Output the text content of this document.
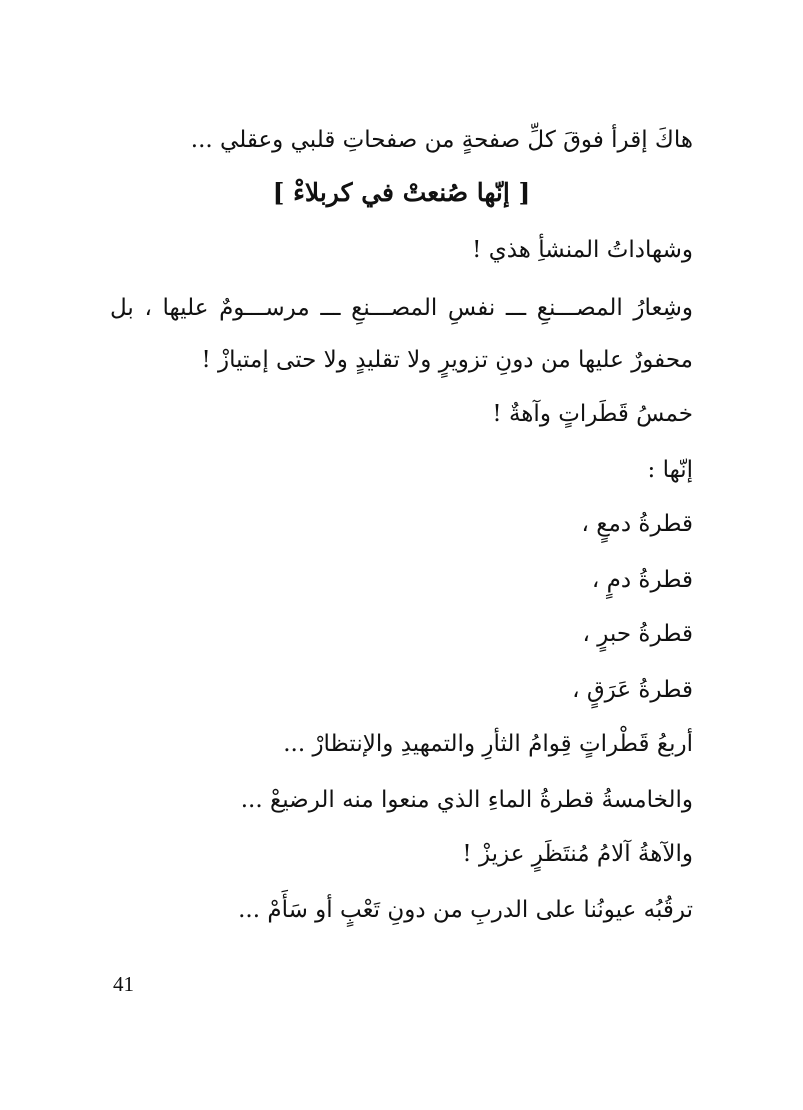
هاكَ إقرأ فوقَ كلِّ صفحةٍ من صفحاتِ قلبي وعقلي ...
[ إنّها صُنعتْ في كربلاءْ ]
وشهاداتُ المنشأِ هذي !
وشِعارُ المصـــنعِ ـــ نفسِ المصـــنعِ ـــ مرســـومٌ عليها ، بل
محفورٌ عليها من دونِ تزويرٍ ولا تقليدٍ ولا حتى إمتيازْ !
خمسُ قَطَراتٍ وآهةٌ !
إنّها :
قطرةُ دمعٍ ،
قطرةُ دمٍ ،
قطرةُ حبرٍ ،
قطرةُ عَرَقٍ ،
أربعُ قَطْراتٍ قِوامُ الثأرِ والتمهيدِ والإنتظارْ ...
والخامسةُ قطرةُ الماءِ الذي منعوا منه الرضيعْ ...
والآهةُ آلامُ مُنتَظَرٍ عزيزْ !
ترقُبُه عيونُنا على الدربِ من دونِ تَعْبٍ أو سَأَمْ ...
41
